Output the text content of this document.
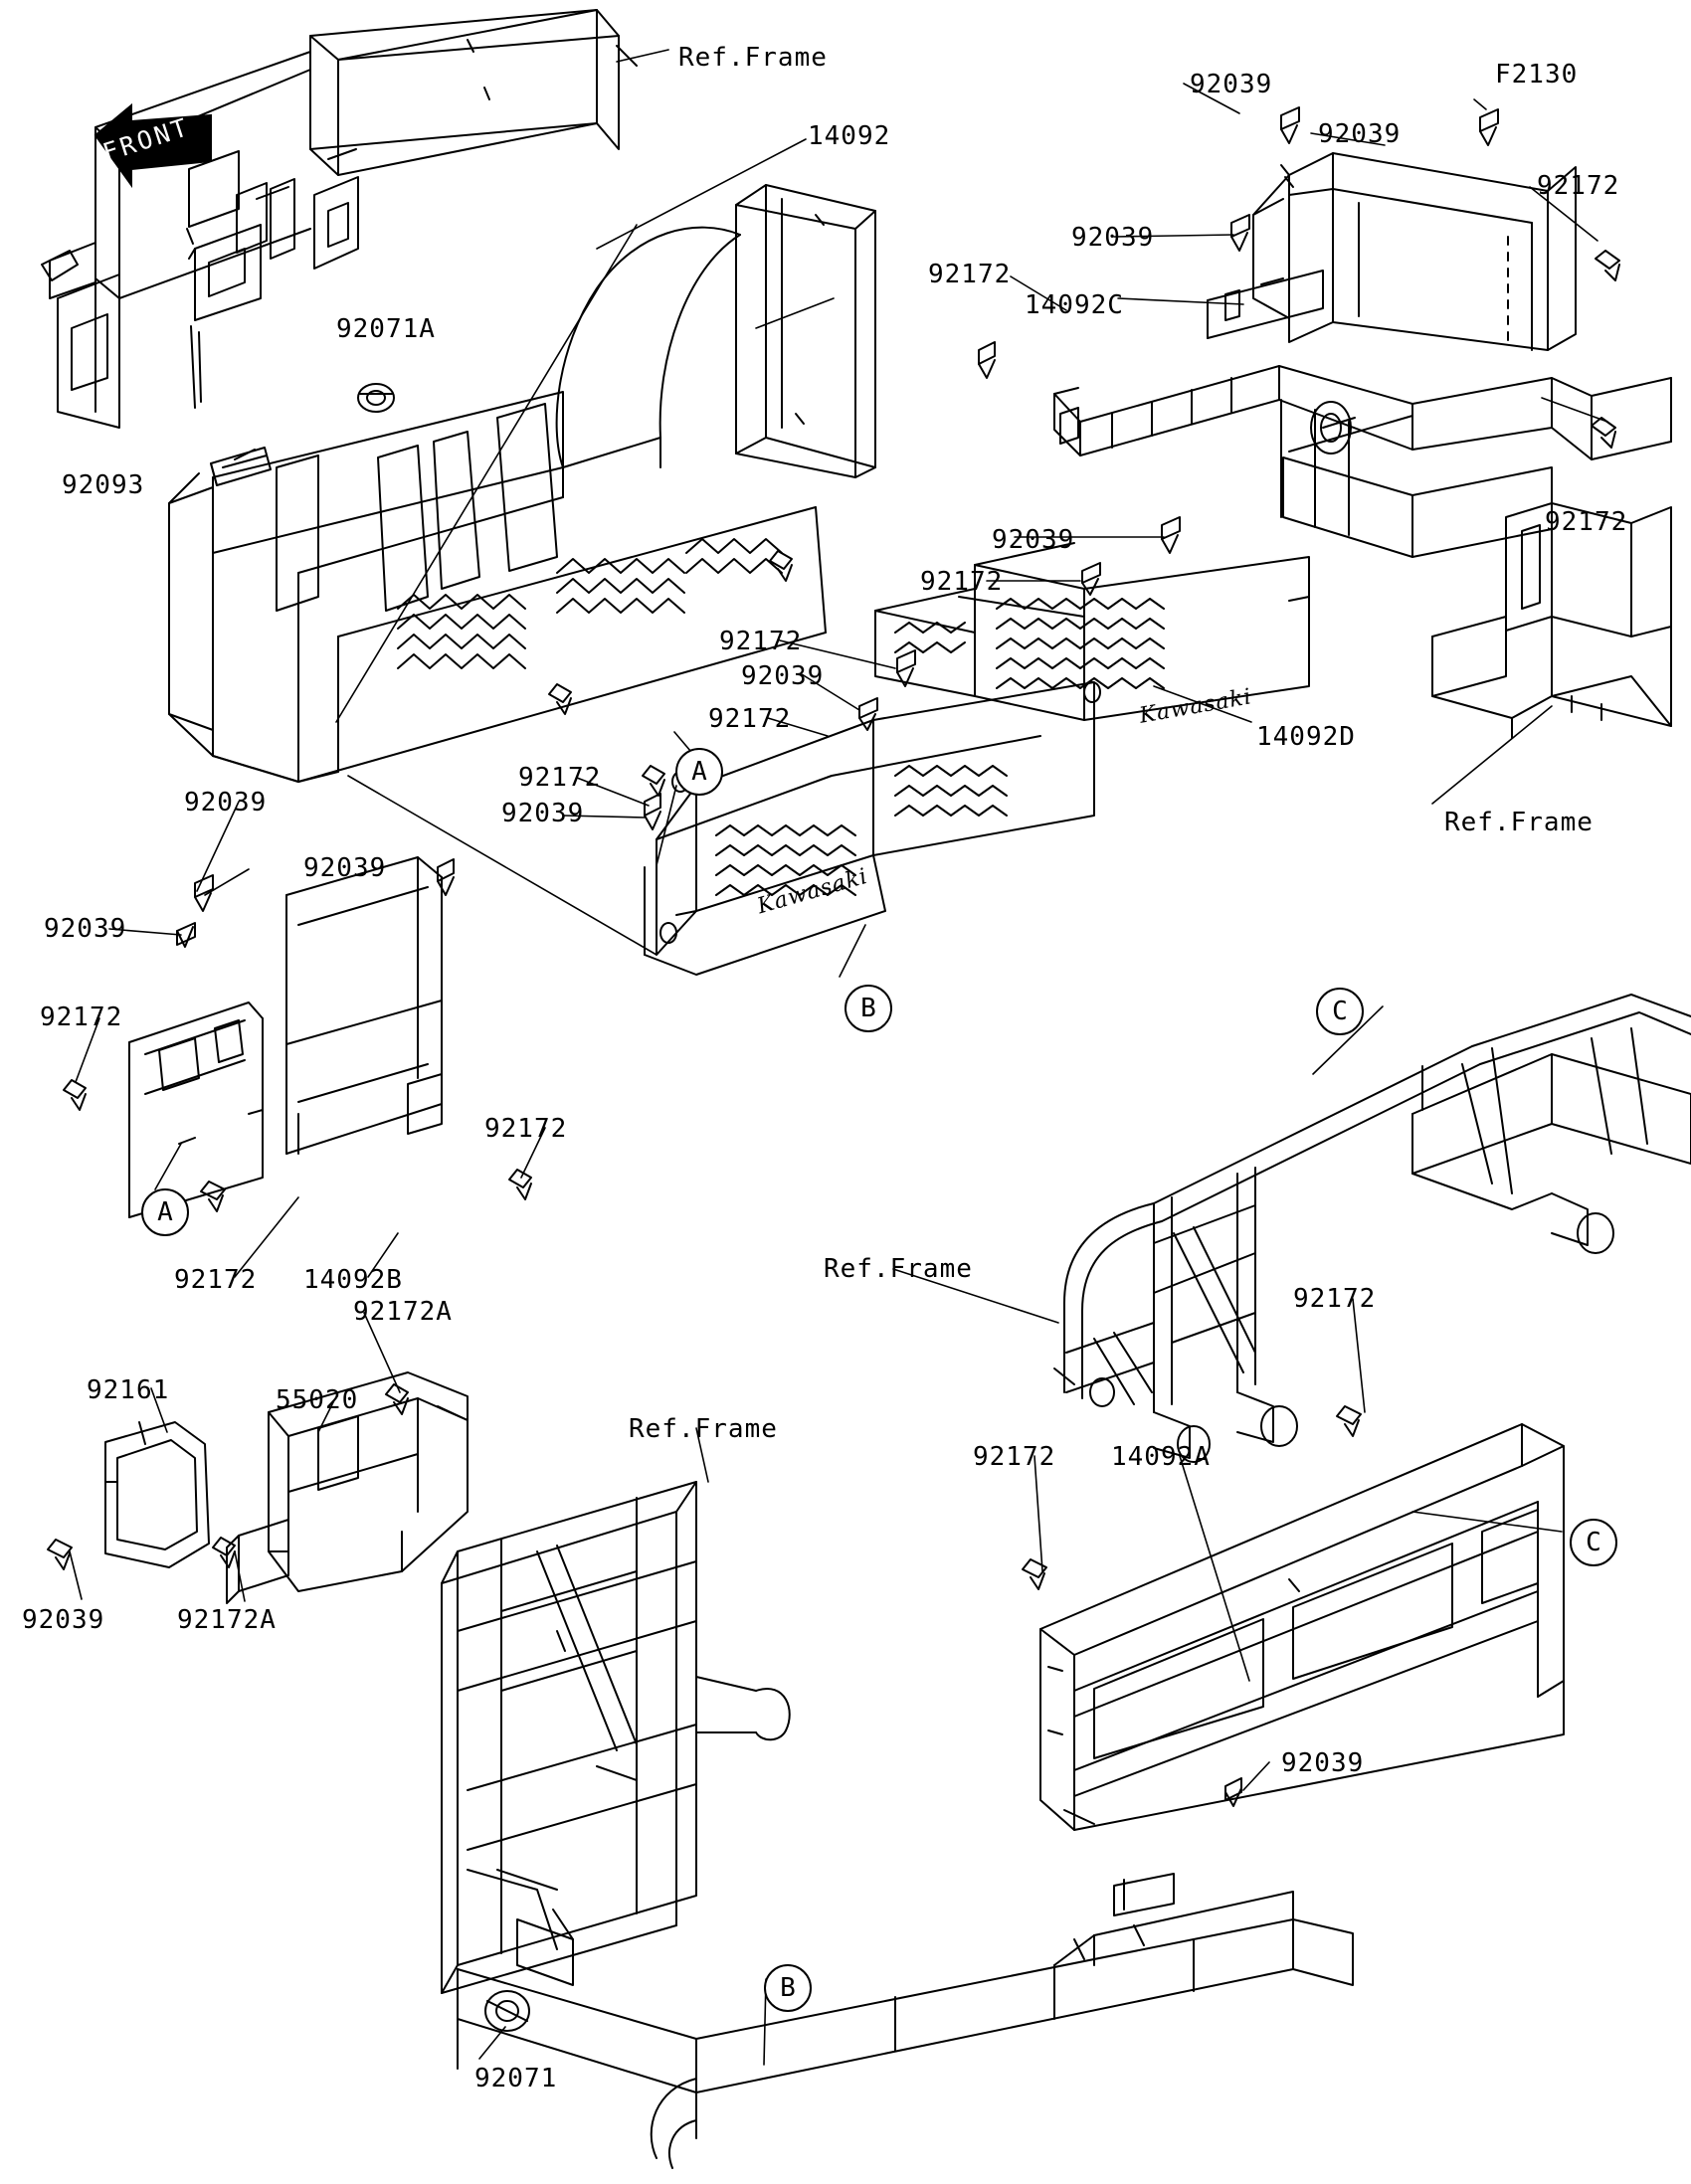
FRONT
A
B
A
C
C
B
Ref.Frame
14092
92039	F2130
92039
92172
92039
14092C
92172
92071A
92093
92172
92039
92172
92172
92039
92172
14092D
92172
Ref.Frame
92039
92039
92039
92039
92172
92172
92172 14092B
92172A
92161	55020
Ref.Frame
Ref.Frame
92172
92172 14092A
92039	92172A
92039
92071
Kawasaki
Kawasaki
